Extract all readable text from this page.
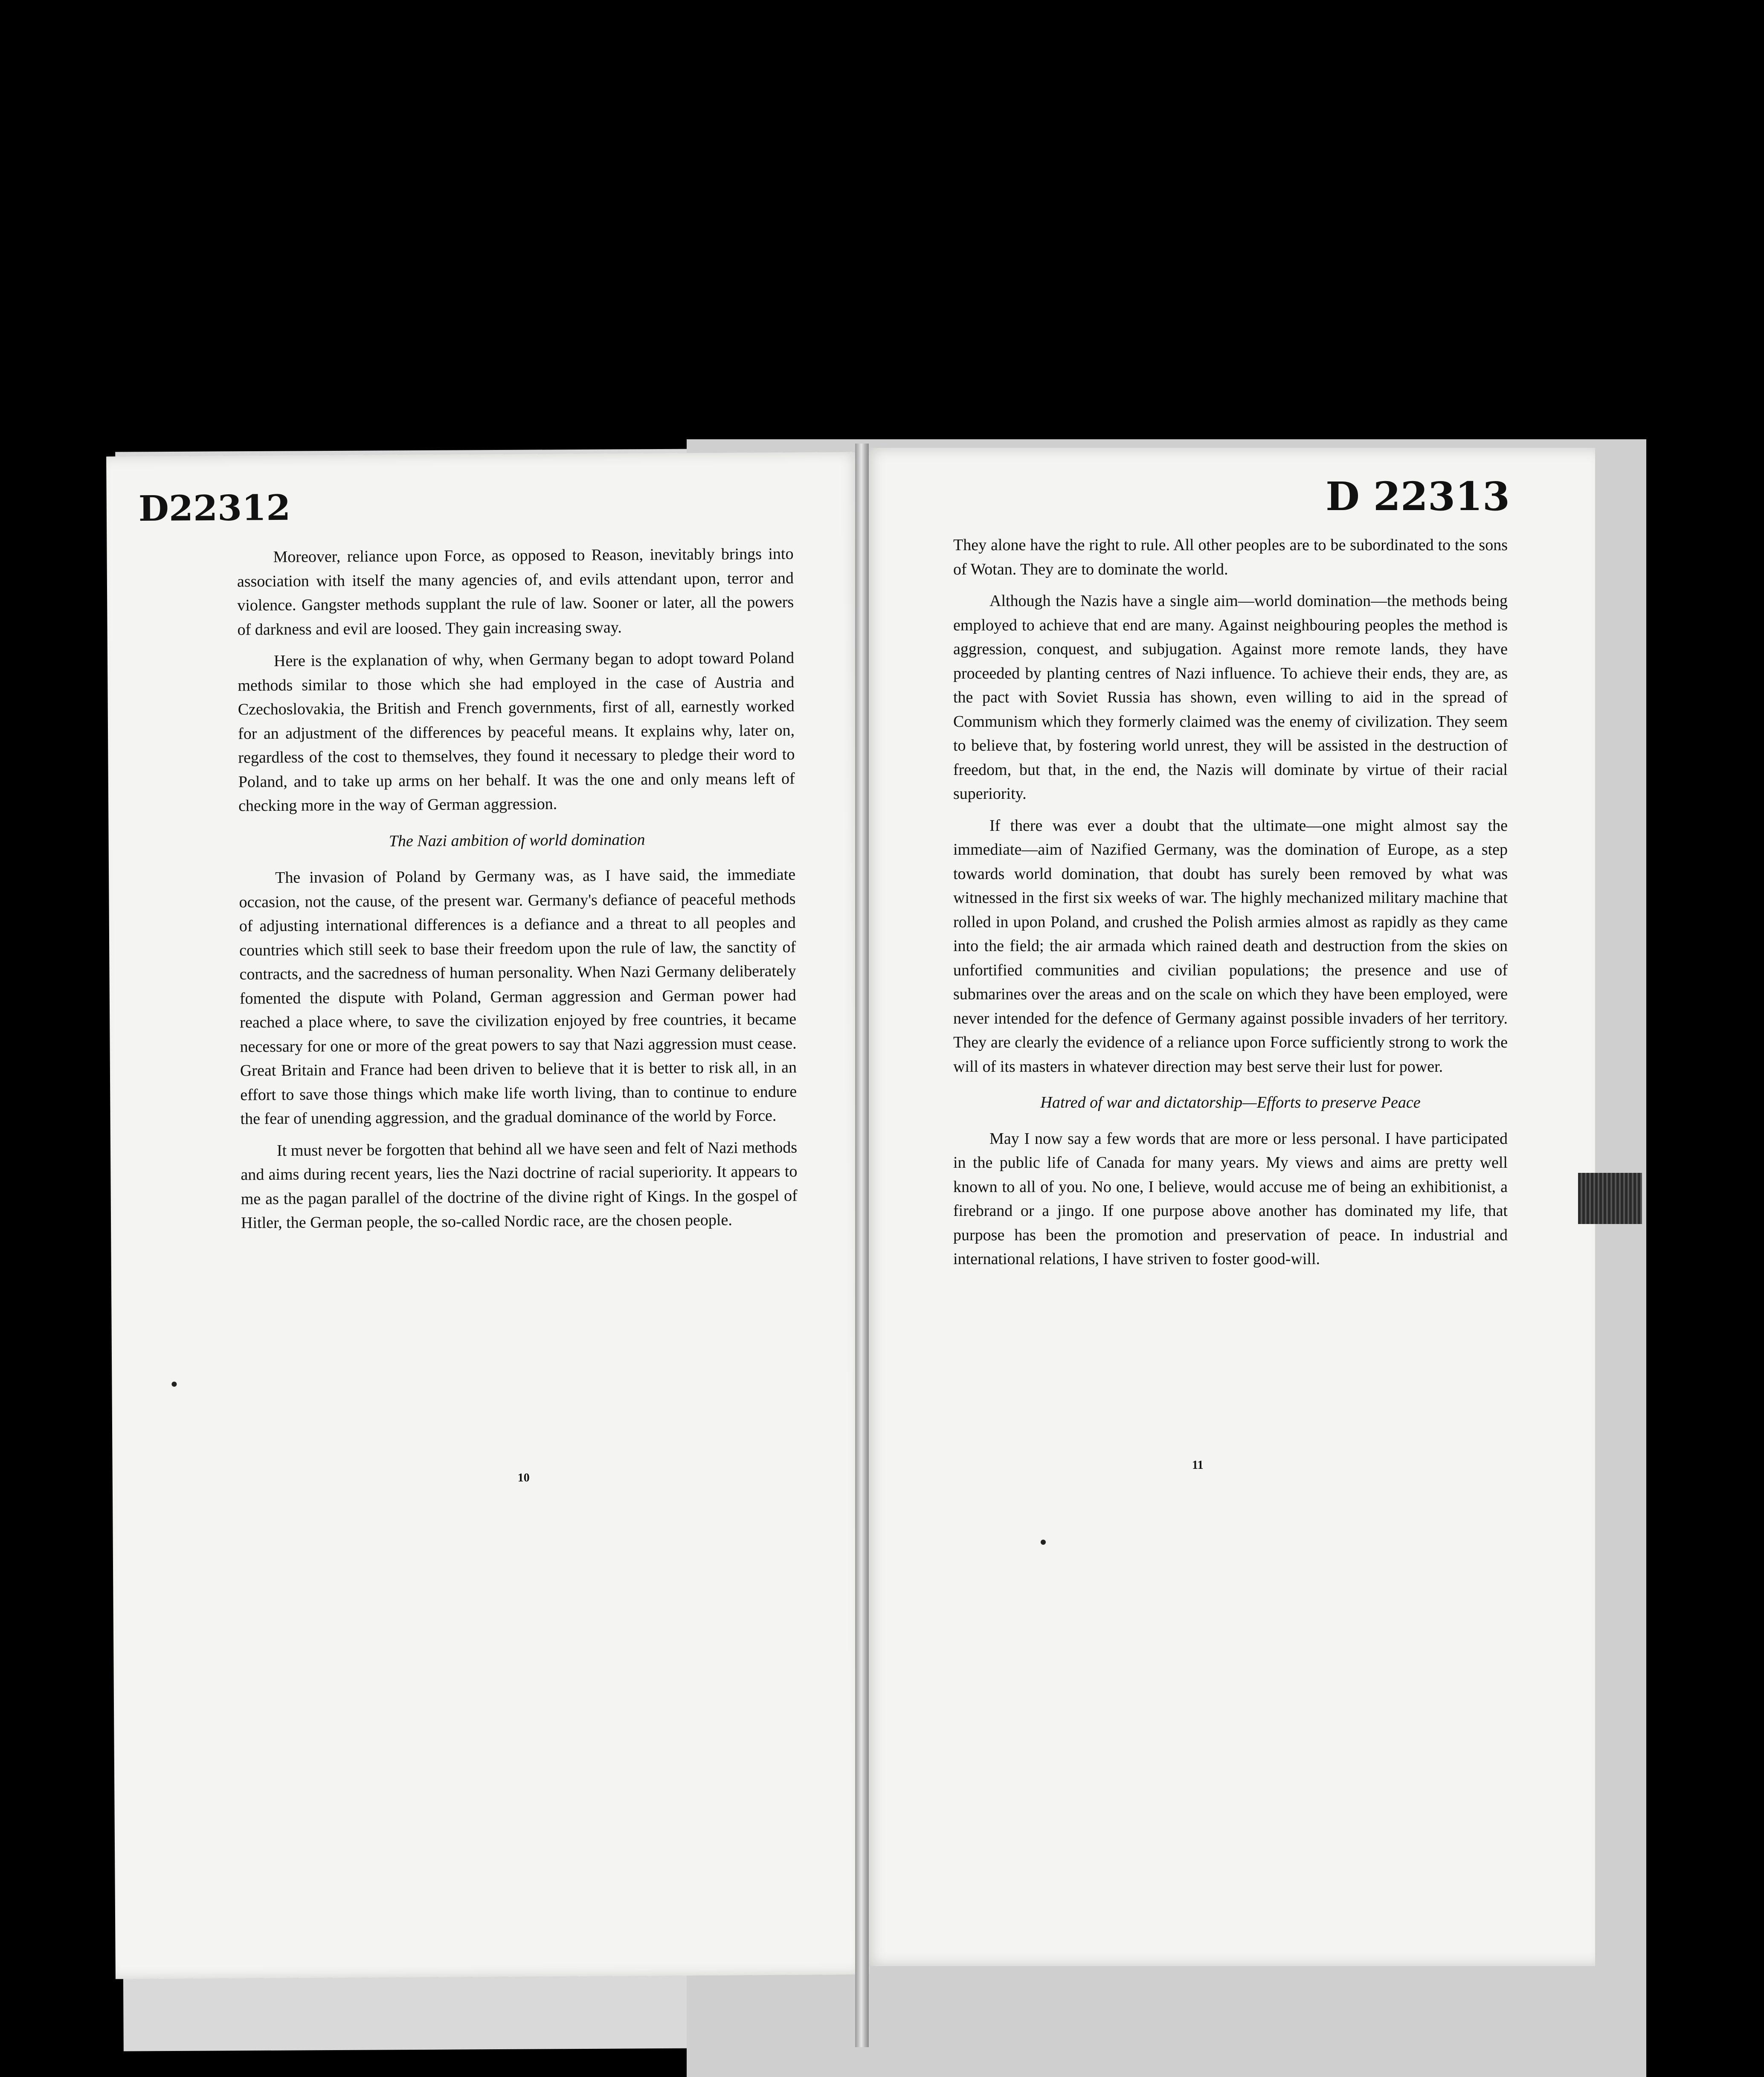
D22312

Moreover, reliance upon Force, as opposed to Reason, inevitably brings into association with itself the many agencies of, and evils attendant upon, terror and violence. Gangster methods supplant the rule of law. Sooner or later, all the powers of darkness and evil are loosed. They gain increasing sway.

Here is the explanation of why, when Germany began to adopt toward Poland methods similar to those which she had employed in the case of Austria and Czechoslovakia, the British and French governments, first of all, earnestly worked for an adjustment of the differences by peaceful means. It explains why, later on, regardless of the cost to themselves, they found it necessary to pledge their word to Poland, and to take up arms on her behalf. It was the one and only means left of checking more in the way of German aggression.

The Nazi ambition of world domination

The invasion of Poland by Germany was, as I have said, the immediate occasion, not the cause, of the present war. Germany's defiance of peaceful methods of adjusting international differences is a defiance and a threat to all peoples and countries which still seek to base their freedom upon the rule of law, the sanctity of contracts, and the sacredness of human personality. When Nazi Germany deliberately fomented the dispute with Poland, German aggression and German power had reached a place where, to save the civilization enjoyed by free countries, it became necessary for one or more of the great powers to say that Nazi aggression must cease. Great Britain and France had been driven to believe that it is better to risk all, in an effort to save those things which make life worth living, than to continue to endure the fear of unending aggression, and the gradual dominance of the world by Force.

It must never be forgotten that behind all we have seen and felt of Nazi methods and aims during recent years, lies the Nazi doctrine of racial superiority. It appears to me as the pagan parallel of the doctrine of the divine right of Kings. In the gospel of Hitler, the German people, the so-called Nordic race, are the chosen people.

10
D 22313

They alone have the right to rule. All other peoples are to be subordinated to the sons of Wotan. They are to dominate the world.

Although the Nazis have a single aim—world domination—the methods being employed to achieve that end are many. Against neighbouring peoples the method is aggression, conquest, and subjugation. Against more remote lands, they have proceeded by planting centres of Nazi influence. To achieve their ends, they are, as the pact with Soviet Russia has shown, even willing to aid in the spread of Communism which they formerly claimed was the enemy of civilization. They seem to believe that, by fostering world unrest, they will be assisted in the destruction of freedom, but that, in the end, the Nazis will dominate by virtue of their racial superiority.

If there was ever a doubt that the ultimate—one might almost say the immediate—aim of Nazified Germany, was the domination of Europe, as a step towards world domination, that doubt has surely been removed by what was witnessed in the first six weeks of war. The highly mechanized military machine that rolled in upon Poland, and crushed the Polish armies almost as rapidly as they came into the field; the air armada which rained death and destruction from the skies on unfortified communities and civilian populations; the presence and use of submarines over the areas and on the scale on which they have been employed, were never intended for the defence of Germany against possible invaders of her territory. They are clearly the evidence of a reliance upon Force sufficiently strong to work the will of its masters in whatever direction may best serve their lust for power.

Hatred of war and dictatorship—Efforts to preserve Peace

May I now say a few words that are more or less personal. I have participated in the public life of Canada for many years. My views and aims are pretty well known to all of you. No one, I believe, would accuse me of being an exhibitionist, a firebrand or a jingo. If one purpose above another has dominated my life, that purpose has been the promotion and preservation of peace. In industrial and international relations, I have striven to foster good-will.

11
